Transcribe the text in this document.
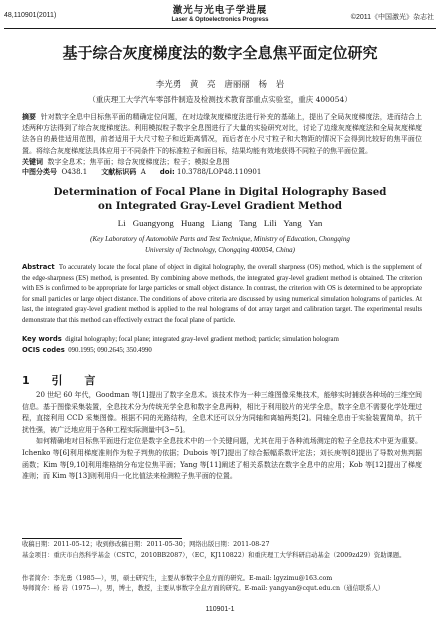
48,110901(2011)	激光与光电子学进展
Laser & Optoelectronics Progress	©2011《中国激光》杂志社
基于综合灰度梯度法的数字全息焦平面定位研究
李光勇 黄 亮 唐丽丽 杨 岩
（重庆理工大学汽车零部件制造及检测技术教育部重点实验室，重庆 400054）
摘要 针对数字全息中目标焦平面的精确定位问题，在对边缘灰度梯度法进行补充的基础上，提出了全局灰度梯度法，进而结合上述两种方法得到了综合灰度梯度法。利用模拟粒子数字全息图进行了大量的实验研究对比，讨论了边缘灰度梯度法和全局灰度梯度法各自的最佳适用范围，前者适用于大尺寸粒子和近距离情况，而后者在小尺寸粒子和大物距的情况下会得到比较好的焦平面位置。将综合灰度梯度法具体应用于不同条件下的标准粒子和面目标，结果均能有效地获得不同粒子的焦平面位置。
关键词 数字全息术；焦平面；综合灰度梯度法；粒子；模拟全息图
中图分类号 O438.1 文献标识码 A doi: 10.3788/LOP48.110901
Determination of Focal Plane in Digital Holography Based
on Integrated Gray-Level Gradient Method
Li Guangyong Huang Liang Tang Lili Yang Yan
(Key Laboratory of Automobile Parts and Test Technique, Ministry of Education, Chongqing
University of Technology, Chongqing 400054, China)
Abstract To accurately locate the focal plane of object in digital holography, the overall sharpness (OS) method, which is the supplement of the edge-sharpness (ES) method, is presented. By combining above methods, the integrated gray-level gradient method is obtained. The criterion with ES is confirmed to be appropriate for large particles or small object distance. In contrast, the criterion with OS is determined to be appropriate for small particles or large object distance. The conditions of above criteria are discussed by using numerical simulation holograms of particles. At last, the integrated gray-level gradient method is applied to the real holograms of dot array target and calibration target. The experimental results demonstrate that this method can effectively extract the focal plane of particle.
Key words digital holography; focal plane; integrated gray-level gradient method; particle; simulation hologram
OCIS codes 090.1995; 090.2645; 350.4990
1 引 言

20 世纪 60 年代，Goodman 等[1]提出了数字全息术。该技术作为一种三维图像采集技术，能够实时捕获各种场的三维空间信息。基于图像采集装置，全息技术分为传统光学全息和数字全息两种，相比于利用胶片的光学全息，数字全息不需要化学处理过程，直接利用 CCD 采集图像。根据不同的光路结构，全息术还可以分为同轴和离轴两类[2]。同轴全息由于实验装置简单，抗干扰性强，被广泛地应用于各种工程实际测量中[3~5]。

如何精确地对目标焦平面进行定位是数字全息技术中的一个关键问题，尤其在用于各种流场测定的粒子全息技术中更为重要。Ichenko 等[6]利用梯度准则作为粒子判焦的依据；Dubois 等[7]提出了综合振幅系数评定法；刘长庚等[8]提出了导数对焦判据函数；Kim 等[9,10]利用维格纳分布定位焦平面；Yang 等[11]阐述了相关系数法在数字全息中的应用；Kob 等[12]提出了梯度准则；而 Kim 等[13]则利用归一化比值法来检测粒子焦平面的位置。

收稿日期：2011-05-12；收到修改稿日期：2011-05-30；网络出版日期：2011-08-27
基金项目：重庆市自然科学基金（CSTC，2010BB2087），（EC，KJ110822）和重庆理工大学科研启动基金（2009zd29）资助课题。
作者简介：李光勇（1985—），男，硕士研究生，主要从事数字全息方面的研究。E-mail: lgyzimu@163.com
导师简介：杨 岩（1975—），男，博士，教授，主要从事数字全息方面的研究。E-mail: yangyan@cqut.edu.cn（通信联系人）
110901-1
